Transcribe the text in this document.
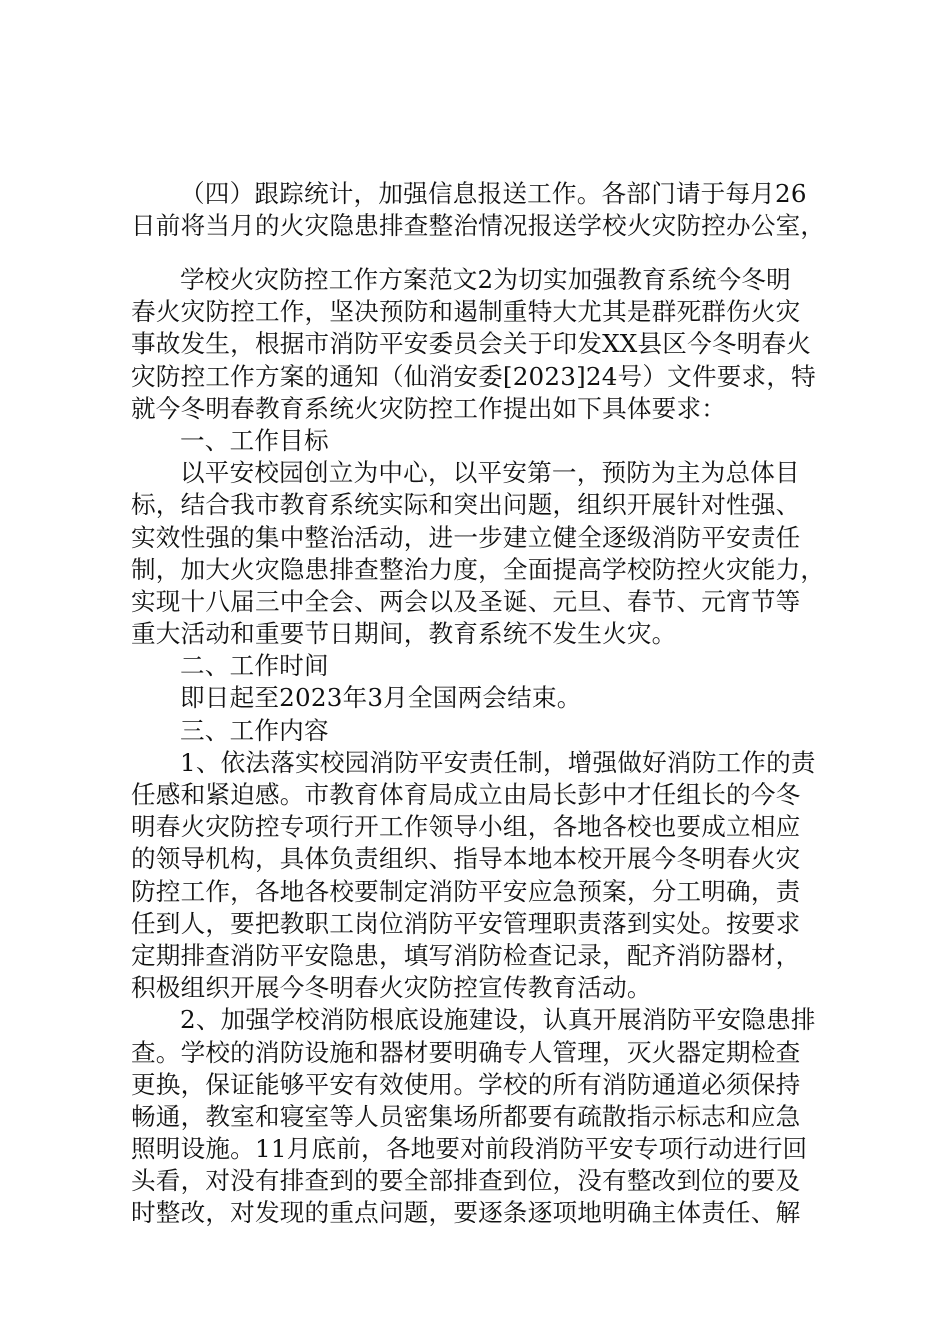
（四）跟踪统计，加强信息报送工作。各部门请于每月26
日前将当月的火灾隐患排查整治情况报送学校火灾防控办公室，
学校火灾防控工作方案范文2为切实加强教育系统今冬明
春火灾防控工作，坚决预防和遏制重特大尤其是群死群伤火灾
事故发生，根据市消防平安委员会关于印发XX县区今冬明春火
灾防控工作方案的通知（仙消安委[2023]24号）文件要求，特
就今冬明春教育系统火灾防控工作提出如下具体要求：
一、工作目标
以平安校园创立为中心，以平安第一，预防为主为总体目
标，结合我市教育系统实际和突出问题，组织开展针对性强、
实效性强的集中整治活动，进一步建立健全逐级消防平安责任
制，加大火灾隐患排查整治力度，全面提高学校防控火灾能力，
实现十八届三中全会、两会以及圣诞、元旦、春节、元宵节等
重大活动和重要节日期间，教育系统不发生火灾。
二、工作时间
即日起至2023年3月全国两会结束。
三、工作内容
1、依法落实校园消防平安责任制，增强做好消防工作的责
任感和紧迫感。市教育体育局成立由局长彭中才任组长的今冬
明春火灾防控专项行开工作领导小组，各地各校也要成立相应
的领导机构，具体负责组织、指导本地本校开展今冬明春火灾
防控工作，各地各校要制定消防平安应急预案，分工明确，责
任到人，要把教职工岗位消防平安管理职责落到实处。按要求
定期排查消防平安隐患，填写消防检查记录，配齐消防器材，
积极组织开展今冬明春火灾防控宣传教育活动。
2、加强学校消防根底设施建设，认真开展消防平安隐患排
查。学校的消防设施和器材要明确专人管理，灭火器定期检查
更换，保证能够平安有效使用。学校的所有消防通道必须保持
畅通，教室和寝室等人员密集场所都要有疏散指示标志和应急
照明设施。11月底前，各地要对前段消防平安专项行动进行回
头看，对没有排查到的要全部排查到位，没有整改到位的要及
时整改，对发现的重点问题，要逐条逐项地明确主体责任、解
